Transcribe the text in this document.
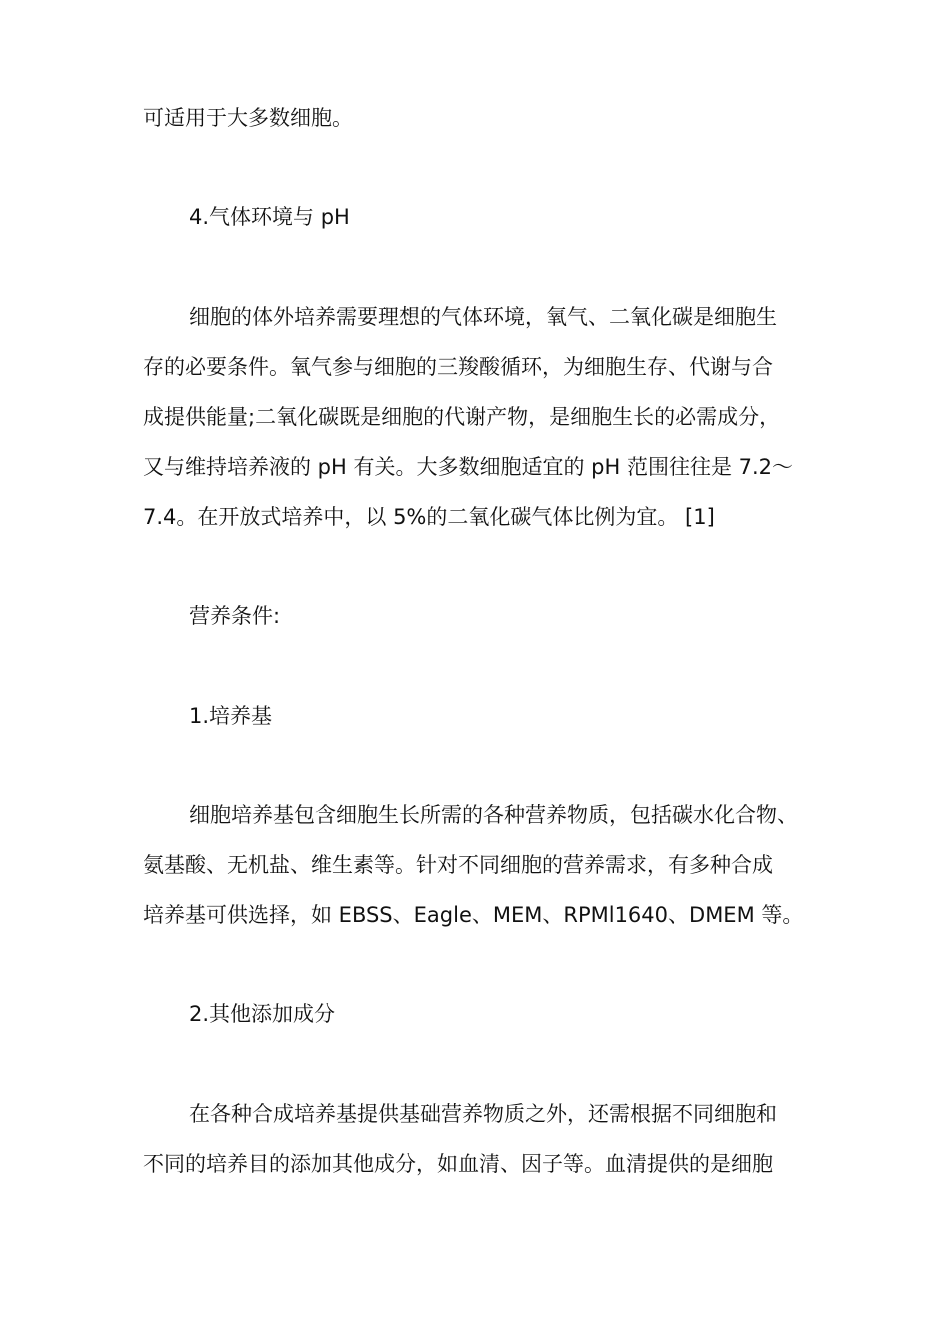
可适用于大多数细胞。
4.气体环境与 pH
细胞的体外培养需要理想的气体环境，氧气、二氧化碳是细胞生
存的必要条件。氧气参与细胞的三羧酸循环，为细胞生存、代谢与合
成提供能量;二氧化碳既是细胞的代谢产物，是细胞生长的必需成分，
又与维持培养液的 pH 有关。大多数细胞适宜的 pH 范围往往是 7.2～
7.4。在开放式培养中，以 5%的二氧化碳气体比例为宜。 [1]
营养条件:
1.培养基
细胞培养基包含细胞生长所需的各种营养物质，包括碳水化合物、
氨基酸、无机盐、维生素等。针对不同细胞的营养需求，有多种合成
培养基可供选择，如 EBSS、Eagle、MEM、RPMl1640、DMEM 等。
2.其他添加成分
在各种合成培养基提供基础营养物质之外，还需根据不同细胞和
不同的培养目的添加其他成分，如血清、因子等。血清提供的是细胞
